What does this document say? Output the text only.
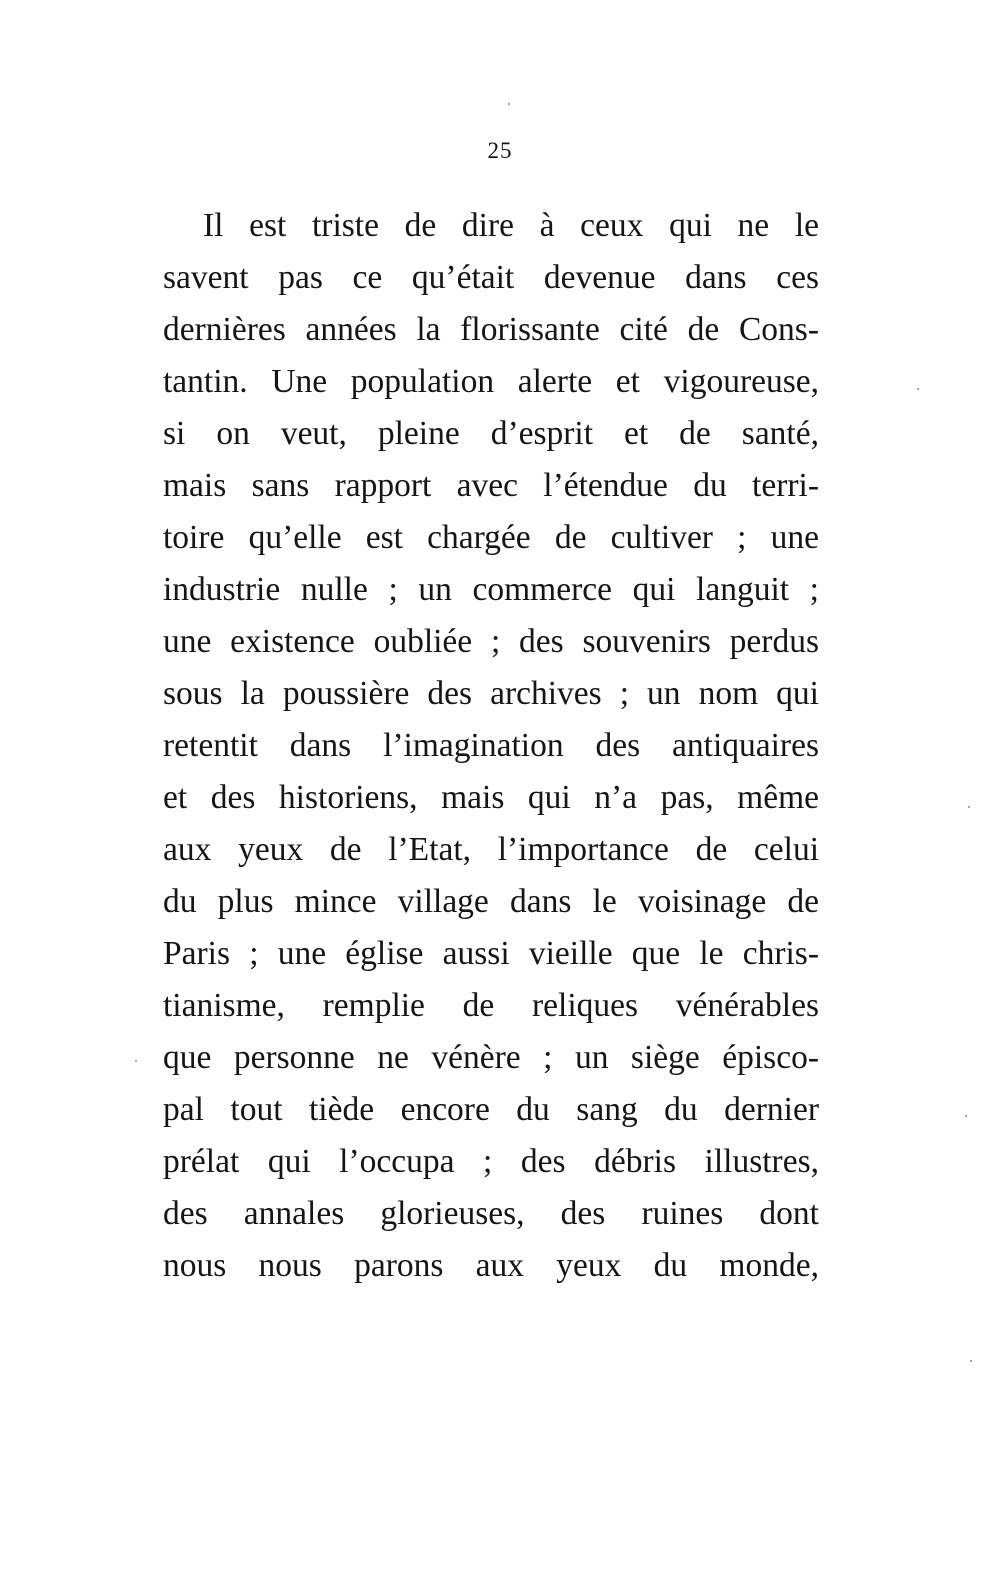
25
Il est triste de dire à ceux qui ne le
savent pas ce qu’était devenue dans ces
dernières années la florissante cité de Cons-
tantin. Une population alerte et vigoureuse,
si on veut, pleine d’esprit et de santé,
mais sans rapport avec l’étendue du terri-
toire qu’elle est chargée de cultiver ; une
industrie nulle ; un commerce qui languit ;
une existence oubliée ; des souvenirs perdus
sous la poussière des archives ; un nom qui
retentit dans l’imagination des antiquaires
et des historiens, mais qui n’a pas, même
aux yeux de l’Etat, l’importance de celui
du plus mince village dans le voisinage de
Paris ; une église aussi vieille que le chris-
tianisme, remplie de reliques vénérables
que personne ne vénère ; un siège épisco-
pal tout tiède encore du sang du dernier
prélat qui l’occupa ; des débris illustres,
des annales glorieuses, des ruines dont
nous nous parons aux yeux du monde,
